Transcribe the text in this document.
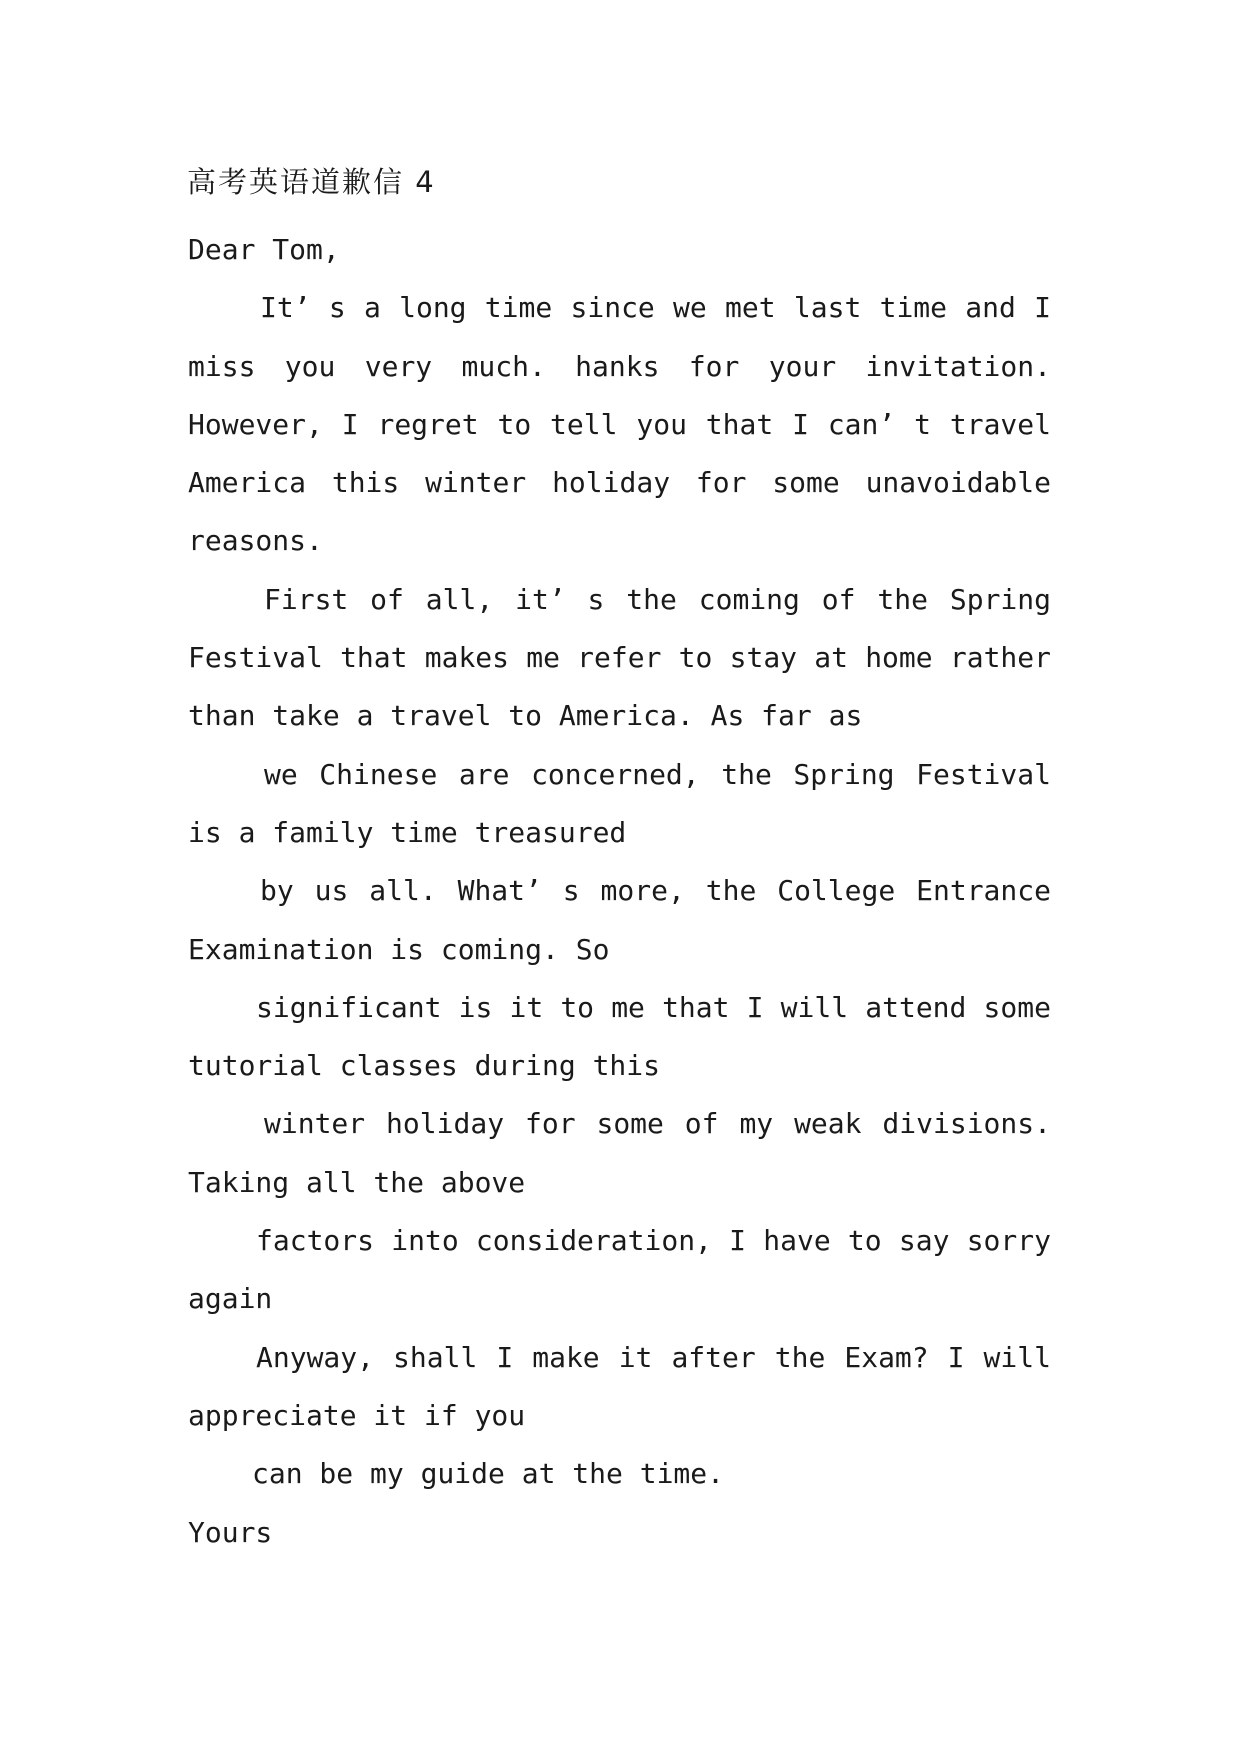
高考英语道歉信 4
Dear Tom,
It’ s a long time since we met last time and I
miss you very much. hanks for your invitation.
However, I regret to tell you that I can’ t travel
America this winter holiday for some unavoidable
reasons.
First of all, it’ s the coming of the Spring
Festival that makes me refer to stay at home rather
than take a travel to America. As far as
we Chinese are concerned, the Spring Festival
is a family time treasured
by us all. What’ s more, the College Entrance
Examination is coming. So
significant is it to me that I will attend some
tutorial classes during this
winter holiday for some of my weak divisions.
Taking all the above
factors into consideration, I have to say sorry
again
Anyway, shall I make it after the Exam? I will
appreciate it if you
can be my guide at the time.
Yours
